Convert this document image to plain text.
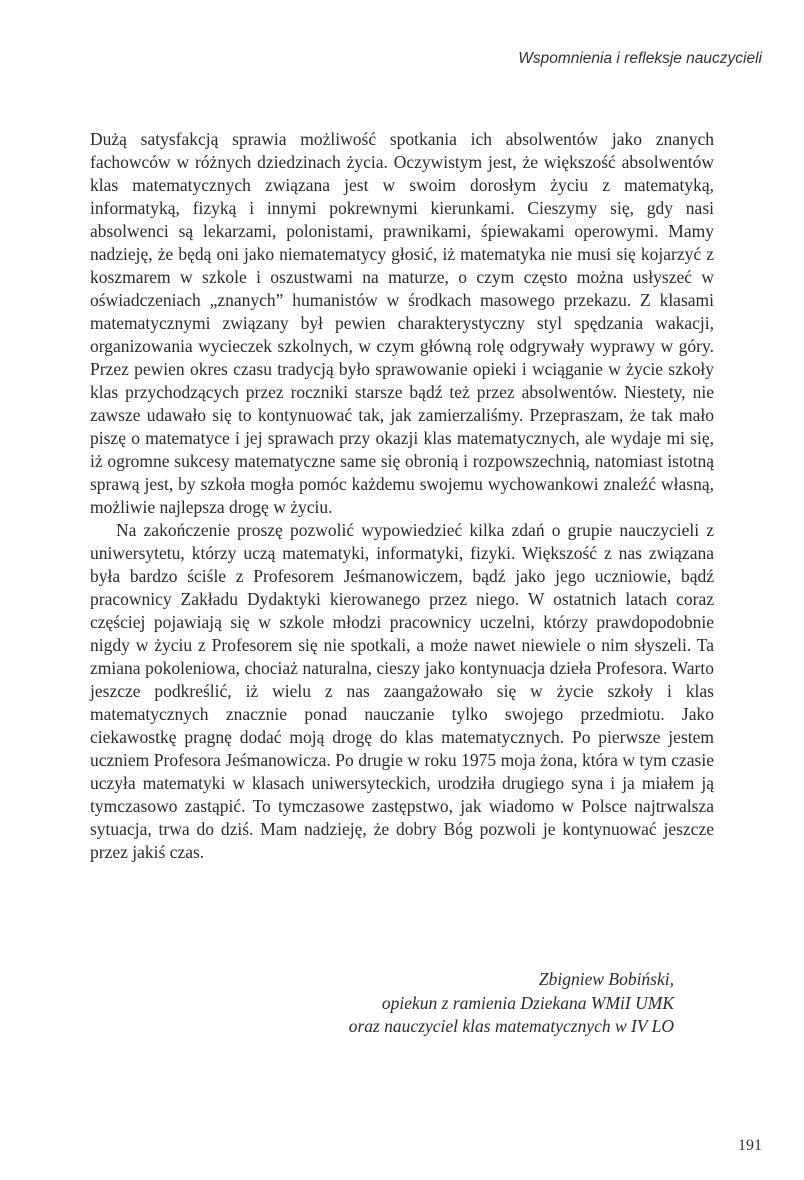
Wspomnienia i refleksje nauczycieli

Dużą satysfakcją sprawia możliwość spotkania ich absolwentów jako znanych fachowców w różnych dziedzinach życia. Oczywistym jest, że większość absolwentów klas matematycznych związana jest w swoim dorosłym życiu z matematyką, informatyką, fizyką i innymi pokrewnymi kierunkami. Cieszymy się, gdy nasi absolwenci są lekarzami, polonistami, prawnikami, śpiewakami operowymi. Mamy nadzieję, że będą oni jako niematematycy głosić, iż matematyka nie musi się kojarzyć z koszmarem w szkole i oszustwami na maturze, o czym często można usłyszeć w oświadczeniach „znanych” humanistów w środkach masowego przekazu. Z klasami matematycznymi związany był pewien charakterystyczny styl spędzania wakacji, organizowania wycieczek szkolnych, w czym główną rolę odgrywały wyprawy w góry. Przez pewien okres czasu tradycją było sprawowanie opieki i wciąganie w życie szkoły klas przychodzących przez roczniki starsze bądź też przez absolwentów. Niestety, nie zawsze udawało się to kontynuować tak, jak zamierzaliśmy. Przepraszam, że tak mało piszę o matematyce i jej sprawach przy okazji klas matematycznych, ale wydaje mi się, iż ogromne sukcesy matematyczne same się obronią i rozpowszechnią, natomiast istotną sprawą jest, by szkoła mogła pomóc każdemu swojemu wychowankowi znaleźć własną, możliwie najlepsza drogę w życiu.

Na zakończenie proszę pozwolić wypowiedzieć kilka zdań o grupie nauczycieli z uniwersytetu, którzy uczą matematyki, informatyki, fizyki. Większość z nas związana była bardzo ściśle z Profesorem Jeśmanowiczem, bądź jako jego uczniowie, bądź pracownicy Zakładu Dydaktyki kierowanego przez niego. W ostatnich latach coraz częściej pojawiają się w szkole młodzi pracownicy uczelni, którzy prawdopodobnie nigdy w życiu z Profesorem się nie spotkali, a może nawet niewiele o nim słyszeli. Ta zmiana pokoleniowa, chociaż naturalna, cieszy jako kontynuacja dzieła Profesora. Warto jeszcze podkreślić, iż wielu z nas zaangażowało się w życie szkoły i klas matematycznych znacznie ponad nauczanie tylko swojego przedmiotu. Jako ciekawostkę pragnę dodać moją drogę do klas matematycznych. Po pierwsze jestem uczniem Profesora Jeśmanowicza. Po drugie w roku 1975 moja żona, która w tym czasie uczyła matematyki w klasach uniwersyteckich, urodziła drugiego syna i ja miałem ją tymczasowo zastąpić. To tymczasowe zastępstwo, jak wiadomo w Polsce najtrwalsza sytuacja, trwa do dziś. Mam nadzieję, że dobry Bóg pozwoli je kontynuować jeszcze przez jakiś czas.

Zbigniew Bobiński,
opiekun z ramienia Dziekana WMiI UMK
oraz nauczyciel klas matematycznych w IV LO
191
